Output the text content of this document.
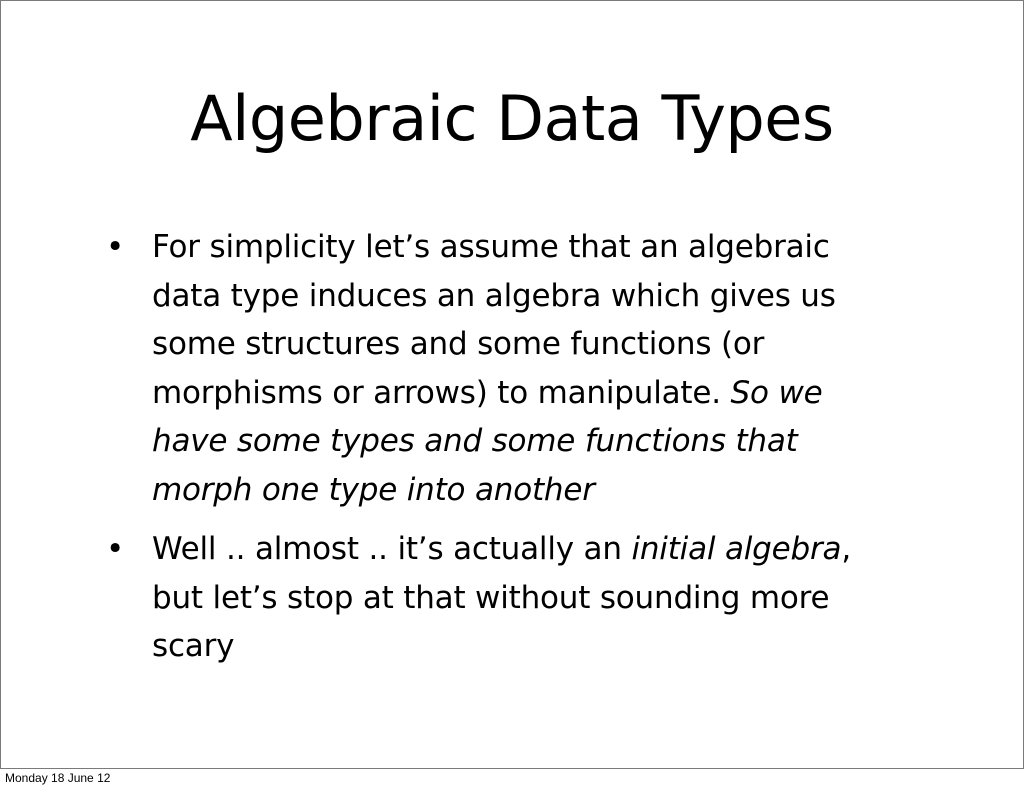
Algebraic Data Types
• For simplicity let’s assume that an algebraic data type induces an algebra which gives us some structures and some functions (or morphisms or arrows) to manipulate. So we have some types and some functions that morph one type into another
• Well .. almost .. it’s actually an initial algebra, but let’s stop at that without sounding more scary
Monday 18 June 12
